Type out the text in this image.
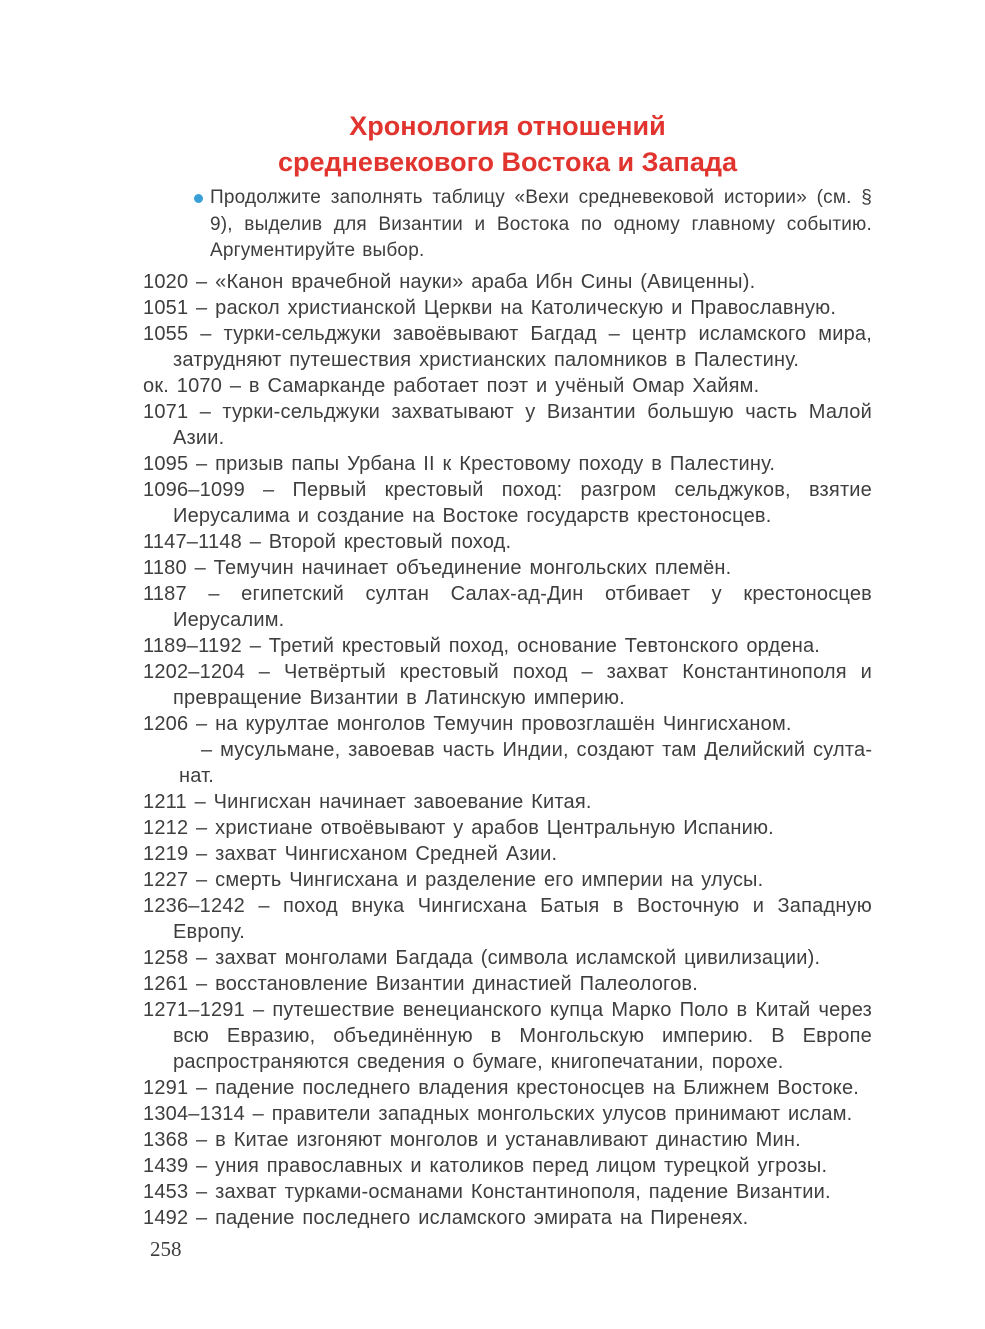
Хронология отношений
средневекового Востока и Запада

Продолжите заполнять таблицу «Вехи средневековой истории» (см. § 9), выделив для Византии и Востока по одному главному событию. Аргументируйте выбор.

1020 – «Канон врачебной науки» араба Ибн Сины (Авиценны).

1051 – раскол христианской Церкви на Католическую и Православную.

1055 – турки-сельджуки завоёвывают Багдад – центр исламского мира, затрудняют путешествия христианских паломников в Палестину.

ок. 1070 – в Самарканде работает поэт и учёный Омар Хайям.

1071 – турки-сельджуки захватывают у Византии большую часть Малой Азии.

1095 – призыв папы Урбана II к Крестовому походу в Палестину.

1096–1099 – Первый крестовый поход: разгром сельджуков, взятие Иерусалима и создание на Востоке государств крестоносцев.

1147–1148 – Второй крестовый поход.

1180 – Темучин начинает объединение монгольских племён.

1187 – египетский султан Салах-ад-Дин отбивает у крестоносцев Иерусалим.

1189–1192 – Третий крестовый поход, основание Тевтонского ордена.

1202–1204 – Четвёртый крестовый поход – захват Константинополя и превращение Византии в Латинскую империю.

1206 – на курултае монголов Темучин провозглашён Чингисханом.

– мусульмане, завоевав часть Индии, создают там Делийский султанат.

1211 – Чингисхан начинает завоевание Китая.

1212 – христиане отвоёвывают у арабов Центральную Испанию.

1219 – захват Чингисханом Средней Азии.

1227 – смерть Чингисхана и разделение его империи на улусы.

1236–1242 – поход внука Чингисхана Батыя в Восточную и Западную Европу.

1258 – захват монголами Багдада (символа исламской цивилизации).

1261 – восстановление Византии династией Палеологов.

1271–1291 – путешествие венецианского купца Марко Поло в Китай через всю Евразию, объединённую в Монгольскую империю. В Европе распространяются сведения о бумаге, книгопечатании, порохе.

1291 – падение последнего владения крестоносцев на Ближнем Востоке.

1304–1314 – правители западных монгольских улусов принимают ислам.

1368 – в Китае изгоняют монголов и устанавливают династию Мин.

1439 – уния православных и католиков перед лицом турецкой угрозы.

1453 – захват турками-османами Константинополя, падение Византии.

1492 – падение последнего исламского эмирата на Пиренеях.

258
